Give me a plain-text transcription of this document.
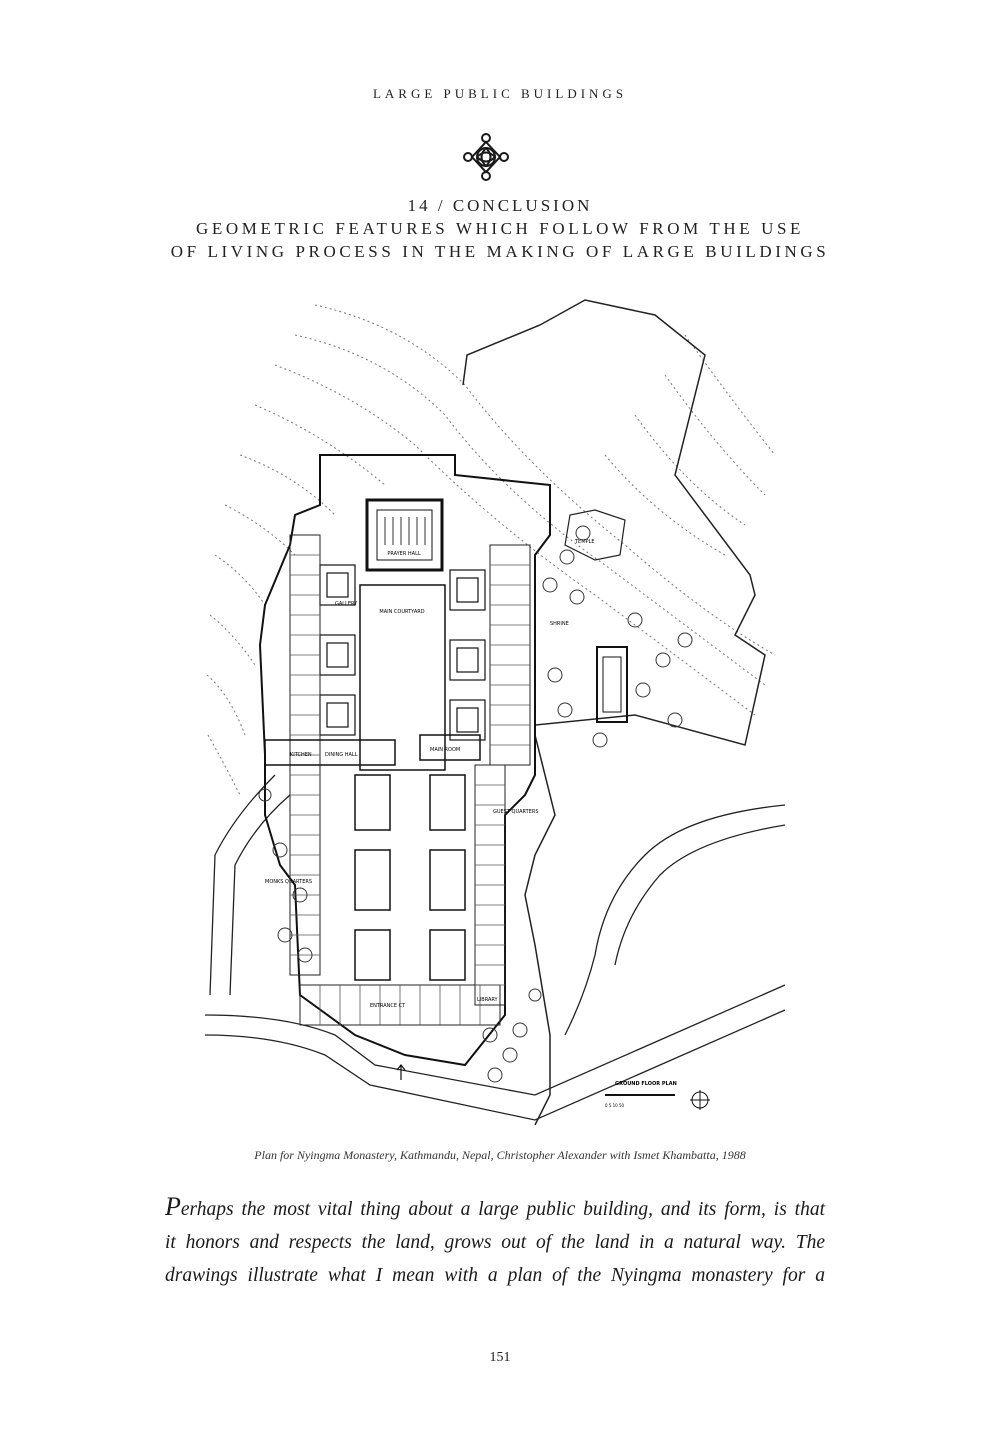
LARGE PUBLIC BUILDINGS
14 / CONCLUSION
GEOMETRIC FEATURES WHICH FOLLOW FROM THE USE
OF LIVING PROCESS IN THE MAKING OF LARGE BUILDINGS
PRAYER HALL
MAIN COURTYARD
GALLERY
KITCHEN	DINING HALL
MAIN ROOM
ENTRANCE CT
MONKS QUARTERS
GUEST QUARTERS
LIBRARY
TEMPLE
SHRINE
GROUND FLOOR PLAN
0 5 10 50
Plan for Nyingma Monastery, Kathmandu, Nepal, Christopher Alexander with Ismet Khambatta, 1988
Perhaps the most vital thing about a large public building, and its form, is that
it honors and respects the land, grows out of the land in a natural way. The
drawings illustrate what I mean with a plan of the Nyingma monastery for a
151
